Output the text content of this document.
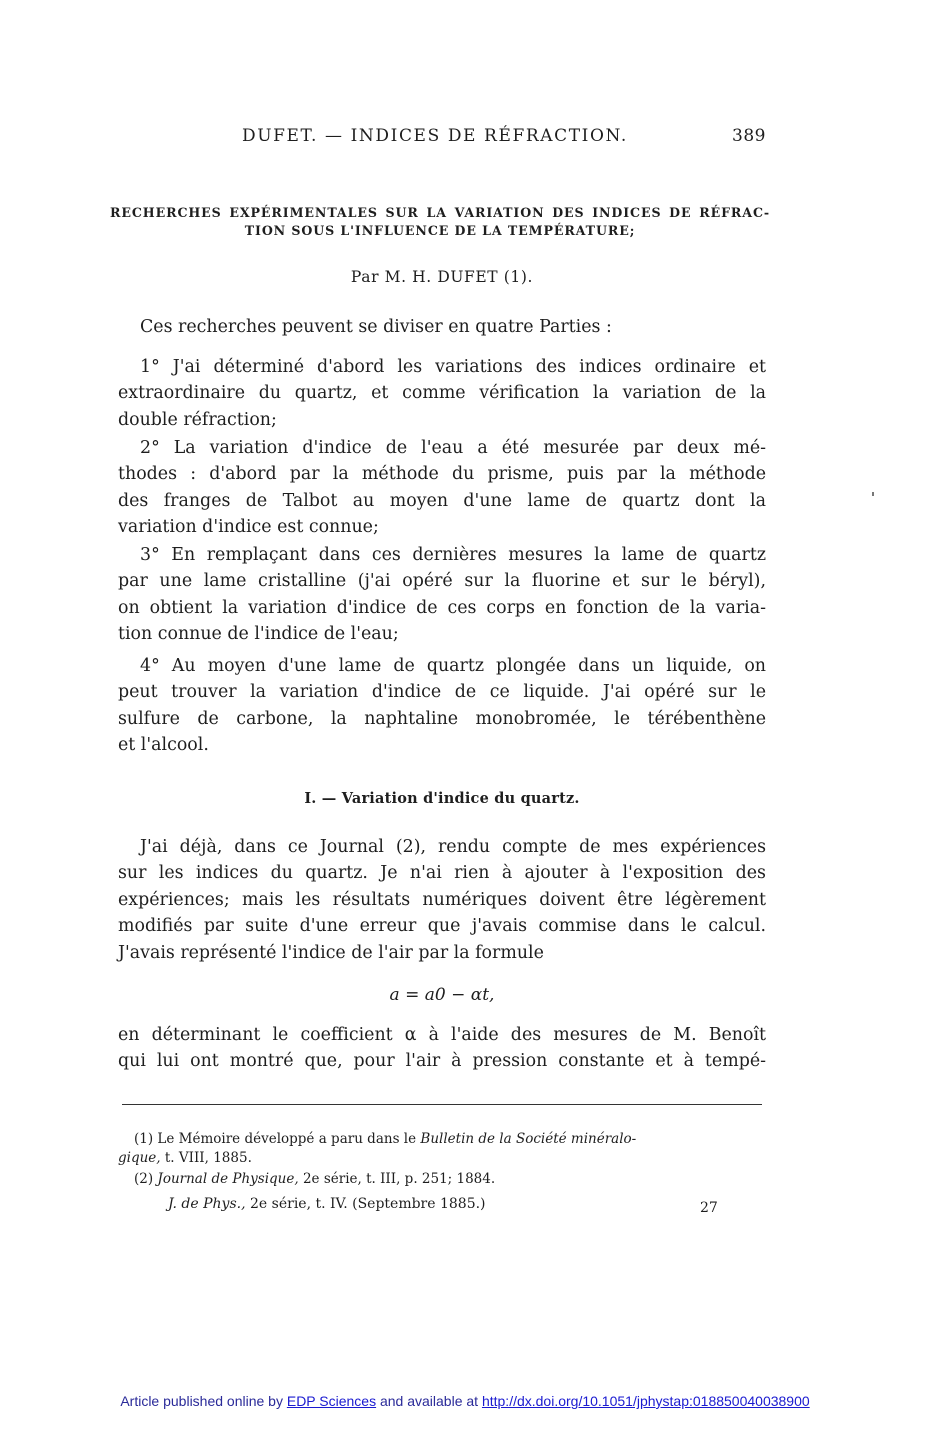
DUFET. — INDICES DE RÉFRACTION.	389
RECHERCHES EXPÉRIMENTALES SUR LA VARIATION DES INDICES DE RÉFRAC-
TION SOUS L'INFLUENCE DE LA TEMPÉRATURE;
Par M. H. DUFET (1).
Ces recherches peuvent se diviser en quatre Parties :
1° J'ai déterminé d'abord les variations des indices ordinaire et
extraordinaire du quartz, et comme vérification la variation de la
double réfraction;
2° La variation d'indice de l'eau a été mesurée par deux mé-
thodes : d'abord par la méthode du prisme, puis par la méthode
des franges de Talbot au moyen d'une lame de quartz dont la
variation d'indice est connue;
3° En remplaçant dans ces dernières mesures la lame de quartz
par une lame cristalline (j'ai opéré sur la fluorine et sur le béryl),
on obtient la variation d'indice de ces corps en fonction de la varia-
tion connue de l'indice de l'eau;
4° Au moyen d'une lame de quartz plongée dans un liquide, on
peut trouver la variation d'indice de ce liquide. J'ai opéré sur le
sulfure de carbone, la naphtaline monobromée, le térébenthène
et l'alcool.
I. — Variation d'indice du quartz.
J'ai déjà, dans ce Journal (2), rendu compte de mes expériences
sur les indices du quartz. Je n'ai rien à ajouter à l'exposition des
expériences; mais les résultats numériques doivent être légèrement
modifiés par suite d'une erreur que j'avais commise dans le calcul.
J'avais représenté l'indice de l'air par la formule
a = a0 − αt,
en déterminant le coefficient α à l'aide des mesures de M. Benoît
qui lui ont montré que, pour l'air à pression constante et à tempé-
(1) Le Mémoire développé a paru dans le Bulletin de la Société minéralo-
gique, t. VIII, 1885.
(2) Journal de Physique, 2e série, t. III, p. 251; 1884.
J. de Phys., 2e série, t. IV. (Septembre 1885.)	27
Article published online by EDP Sciences and available at http://dx.doi.org/10.1051/jphystap:018850040038900
